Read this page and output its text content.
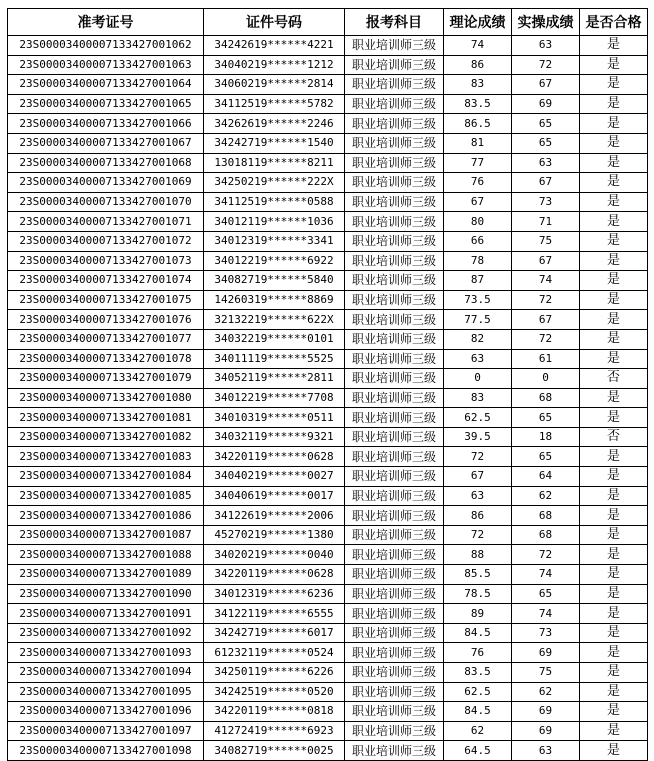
准考证号	证件号码	报考科目	理论成绩	实操成绩	是否合格
23S00003400007133427001062	34242619******4221	职业培训师三级	74	63	是
23S00003400007133427001063	34040219******1212	职业培训师三级	86	72	是
23S00003400007133427001064	34060219******2814	职业培训师三级	83	67	是
23S00003400007133427001065	34112519******5782	职业培训师三级	83.5	69	是
23S00003400007133427001066	34262619******2246	职业培训师三级	86.5	65	是
23S00003400007133427001067	34242719******1540	职业培训师三级	81	65	是
23S00003400007133427001068	13018119******8211	职业培训师三级	77	63	是
23S00003400007133427001069	34250219******222X	职业培训师三级	76	67	是
23S00003400007133427001070	34112519******0588	职业培训师三级	67	73	是
23S00003400007133427001071	34012119******1036	职业培训师三级	80	71	是
23S00003400007133427001072	34012319******3341	职业培训师三级	66	75	是
23S00003400007133427001073	34012219******6922	职业培训师三级	78	67	是
23S00003400007133427001074	34082719******5840	职业培训师三级	87	74	是
23S00003400007133427001075	14260319******8869	职业培训师三级	73.5	72	是
23S00003400007133427001076	32132219******622X	职业培训师三级	77.5	67	是
23S00003400007133427001077	34032219******0101	职业培训师三级	82	72	是
23S00003400007133427001078	34011119******5525	职业培训师三级	63	61	是
23S00003400007133427001079	34052119******2811	职业培训师三级	0	0	否
23S00003400007133427001080	34012219******7708	职业培训师三级	83	68	是
23S00003400007133427001081	34010319******0511	职业培训师三级	62.5	65	是
23S00003400007133427001082	34032119******9321	职业培训师三级	39.5	18	否
23S00003400007133427001083	34220119******0628	职业培训师三级	72	65	是
23S00003400007133427001084	34040219******0027	职业培训师三级	67	64	是
23S00003400007133427001085	34040619******0017	职业培训师三级	63	62	是
23S00003400007133427001086	34122619******2006	职业培训师三级	86	68	是
23S00003400007133427001087	45270219******1380	职业培训师三级	72	68	是
23S00003400007133427001088	34020219******0040	职业培训师三级	88	72	是
23S00003400007133427001089	34220119******0628	职业培训师三级	85.5	74	是
23S00003400007133427001090	34012319******6236	职业培训师三级	78.5	65	是
23S00003400007133427001091	34122119******6555	职业培训师三级	89	74	是
23S00003400007133427001092	34242719******6017	职业培训师三级	84.5	73	是
23S00003400007133427001093	61232119******0524	职业培训师三级	76	69	是
23S00003400007133427001094	34250119******6226	职业培训师三级	83.5	75	是
23S00003400007133427001095	34242519******0520	职业培训师三级	62.5	62	是
23S00003400007133427001096	34220119******0818	职业培训师三级	84.5	69	是
23S00003400007133427001097	41272419******6923	职业培训师三级	62	69	是
23S00003400007133427001098	34082719******0025	职业培训师三级	64.5	63	是
